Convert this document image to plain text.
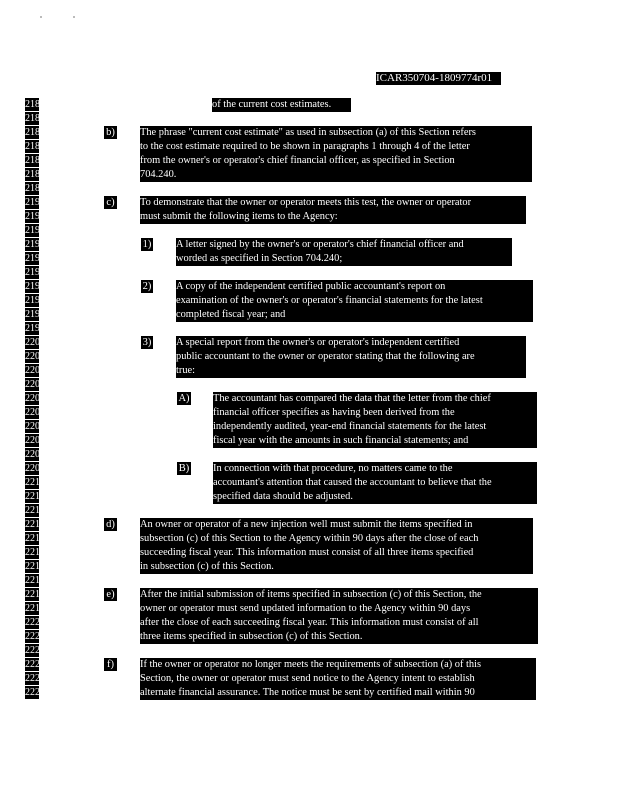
ICAR350704-1809774r01
2183
2184
2185
2186
2187
2188
2189
2190
2191
2192
2193
2194
2195
2196
2197
2198
2199
2200
2201
2202
2203
2204
2205
2206
2207
2208
2209
2210
2211
2212
2213
2214
2215
2216
2217
2218
2219
2220
2221
2222
2223
2224
2225
of the current cost estimates.
b) The phrase "current cost estimate" as used in subsection (a) of this Section refers
to the cost estimate required to be shown in paragraphs 1 through 4 of the letter
from the owner's or operator's chief financial officer, as specified in Section
704.240.
c) To demonstrate that the owner or operator meets this test, the owner or operator
must submit the following items to the Agency:
1) A letter signed by the owner's or operator's chief financial officer and
worded as specified in Section 704.240;
2) A copy of the independent certified public accountant's report on
examination of the owner's or operator's financial statements for the latest
completed fiscal year; and
3) A special report from the owner's or operator's independent certified
public accountant to the owner or operator stating that the following are
true:
A) The accountant has compared the data that the letter from the chief
financial officer specifies as having been derived from the
independently audited, year-end financial statements for the latest
fiscal year with the amounts in such financial statements; and
B) In connection with that procedure, no matters came to the
accountant's attention that caused the accountant to believe that the
specified data should be adjusted.
d) An owner or operator of a new injection well must submit the items specified in
subsection (c) of this Section to the Agency within 90 days after the close of each
succeeding fiscal year. This information must consist of all three items specified
in subsection (c) of this Section.
e) After the initial submission of items specified in subsection (c) of this Section, the
owner or operator must send updated information to the Agency within 90 days
after the close of each succeeding fiscal year. This information must consist of all
three items specified in subsection (c) of this Section.
f)	If the owner or operator no longer meets the requirements of subsection (a) of this
Section, the owner or operator must send notice to the Agency intent to establish
alternate financial assurance. The notice must be sent by certified mail within 90
